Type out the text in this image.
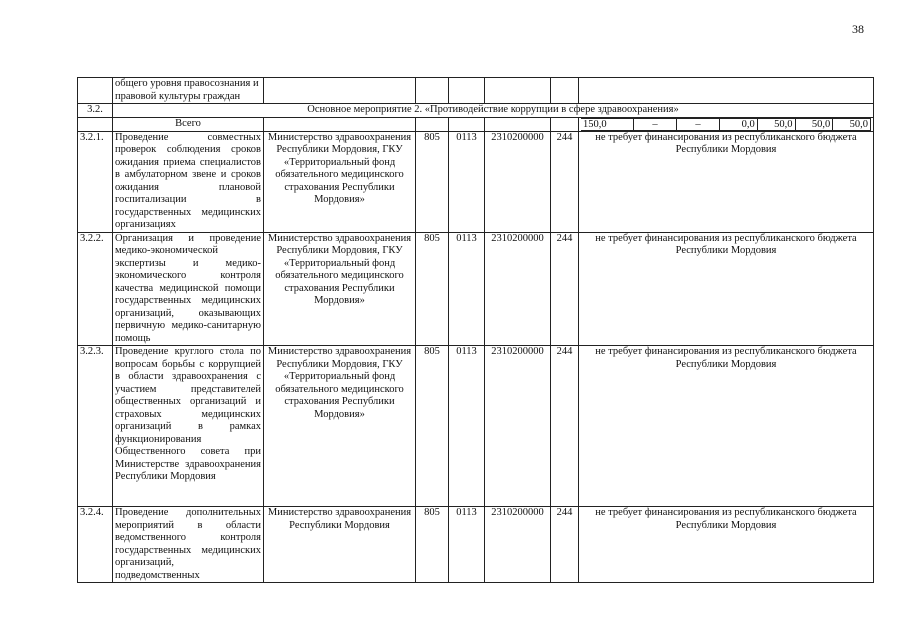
38
	общего уровня правосознания и правовой культуры граждан						
3.2.	Основное мероприятие 2. «Противодействие коррупции в сфере здравоохранения»
	Всего							150,0	–	–	0,0	50,0	50,0	50,0

3.2.1.	Проведение совместных проверок соблюдения сроков ожидания приема специалистов в амбулаторном звене и сроков ожидания плановой госпитализации в государственных медицинских организациях	Министерство здравоохранения Республики Мордовия, ГКУ «Территориальный фонд обязательного медицинского страхования Республики Мордовия»	805	0113	2310200000	244	не требует финансирования из республиканского бюджета Республики Мордовия
3.2.2.	Организация и проведение медико-экономической экспертизы и медико-экономического контроля качества медицинской помощи государственных медицинских организаций, оказывающих первичную медико-санитарную помощь	Министерство здравоохранения Республики Мордовия, ГКУ «Территориальный фонд обязательного медицинского страхования Республики Мордовия»	805	0113	2310200000	244	не требует финансирования из республиканского бюджета Республики Мордовия
3.2.3.	Проведение круглого стола по вопросам борьбы с коррупцией в области здравоохранения с участием представителей общественных организаций и страховых медицинских организаций в рамках функционирования Общественного совета при Министерстве здравоохранения Республики Мордовия	Министерство здравоохранения Республики Мордовия, ГКУ «Территориальный фонд обязательного медицинского страхования Республики Мордовия»	805	0113	2310200000	244	не требует финансирования из республиканского бюджета Республики Мордовия
3.2.4.	Проведение дополнительных мероприятий в области ведомственного контроля государственных медицинских организаций, подведомственных	Министерство здравоохранения Республики Мордовия	805	0113	2310200000	244	не требует финансирования из республиканского бюджета Республики Мордовия
